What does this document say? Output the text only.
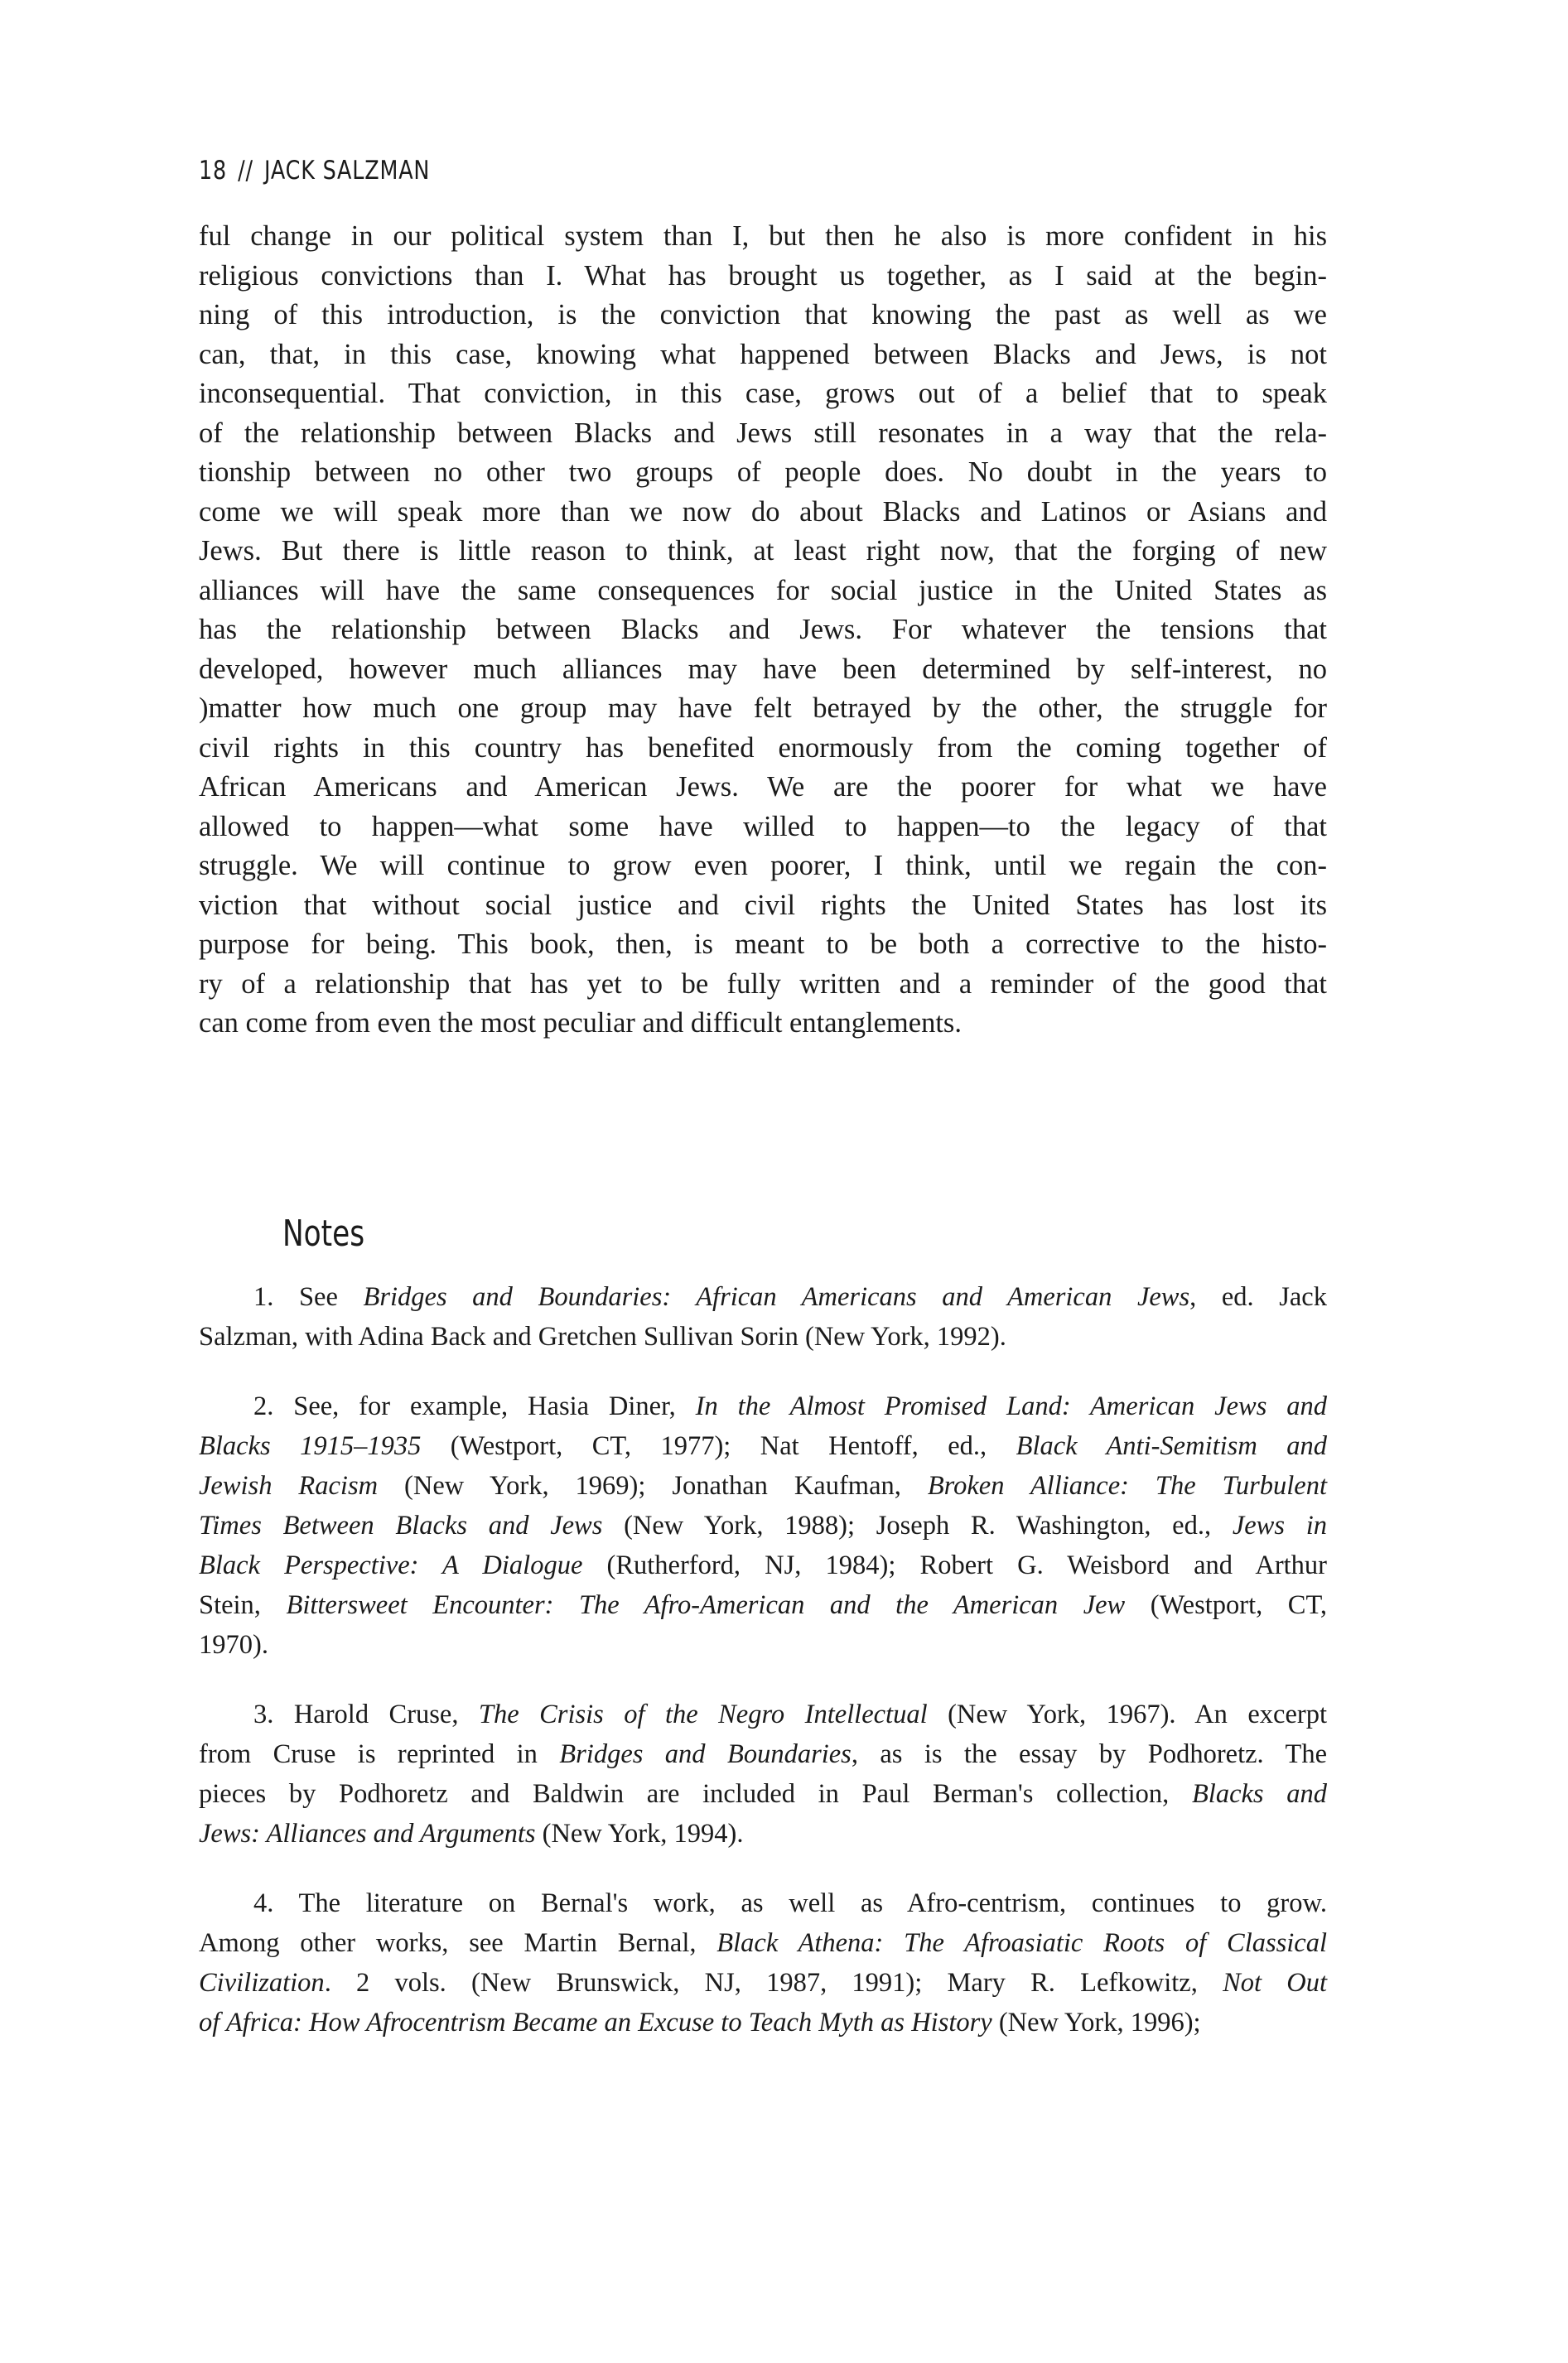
18 // JACK SALZMAN
ful change in our political system than I, but then he also is more confident in his
religious convictions than I. What has brought us together, as I said at the begin-
ning of this introduction, is the conviction that knowing the past as well as we
can, that, in this case, knowing what happened between Blacks and Jews, is not
inconsequential. That conviction, in this case, grows out of a belief that to speak
of the relationship between Blacks and Jews still resonates in a way that the rela-
tionship between no other two groups of people does. No doubt in the years to
come we will speak more than we now do about Blacks and Latinos or Asians and
Jews. But there is little reason to think, at least right now, that the forging of new
alliances will have the same consequences for social justice in the United States as
has the relationship between Blacks and Jews. For whatever the tensions that
developed, however much alliances may have been determined by self-interest, no
)matter how much one group may have felt betrayed by the other, the struggle for
civil rights in this country has benefited enormously from the coming together of
African Americans and American Jews. We are the poorer for what we have
allowed to happen—what some have willed to happen—to the legacy of that
struggle. We will continue to grow even poorer, I think, until we regain the con-
viction that without social justice and civil rights the United States has lost its
purpose for being. This book, then, is meant to be both a corrective to the histo-
ry of a relationship that has yet to be fully written and a reminder of the good that
can come from even the most peculiar and difficult entanglements.
Notes
1. See Bridges and Boundaries: African Americans and American Jews, ed. Jack
Salzman, with Adina Back and Gretchen Sullivan Sorin (New York, 1992).
2. See, for example, Hasia Diner, In the Almost Promised Land: American Jews and
Blacks 1915–1935 (Westport, CT, 1977); Nat Hentoff, ed., Black Anti-Semitism and
Jewish Racism (New York, 1969); Jonathan Kaufman, Broken Alliance: The Turbulent
Times Between Blacks and Jews (New York, 1988); Joseph R. Washington, ed., Jews in
Black Perspective: A Dialogue (Rutherford, NJ, 1984); Robert G. Weisbord and Arthur
Stein, Bittersweet Encounter: The Afro-American and the American Jew (Westport, CT,
1970).
3. Harold Cruse, The Crisis of the Negro Intellectual (New York, 1967). An excerpt
from Cruse is reprinted in Bridges and Boundaries, as is the essay by Podhoretz. The
pieces by Podhoretz and Baldwin are included in Paul Berman's collection, Blacks and
Jews: Alliances and Arguments (New York, 1994).
4. The literature on Bernal's work, as well as Afro-centrism, continues to grow.
Among other works, see Martin Bernal, Black Athena: The Afroasiatic Roots of Classical
Civilization. 2 vols. (New Brunswick, NJ, 1987, 1991); Mary R. Lefkowitz, Not Out
of Africa: How Afrocentrism Became an Excuse to Teach Myth as History (New York, 1996);
